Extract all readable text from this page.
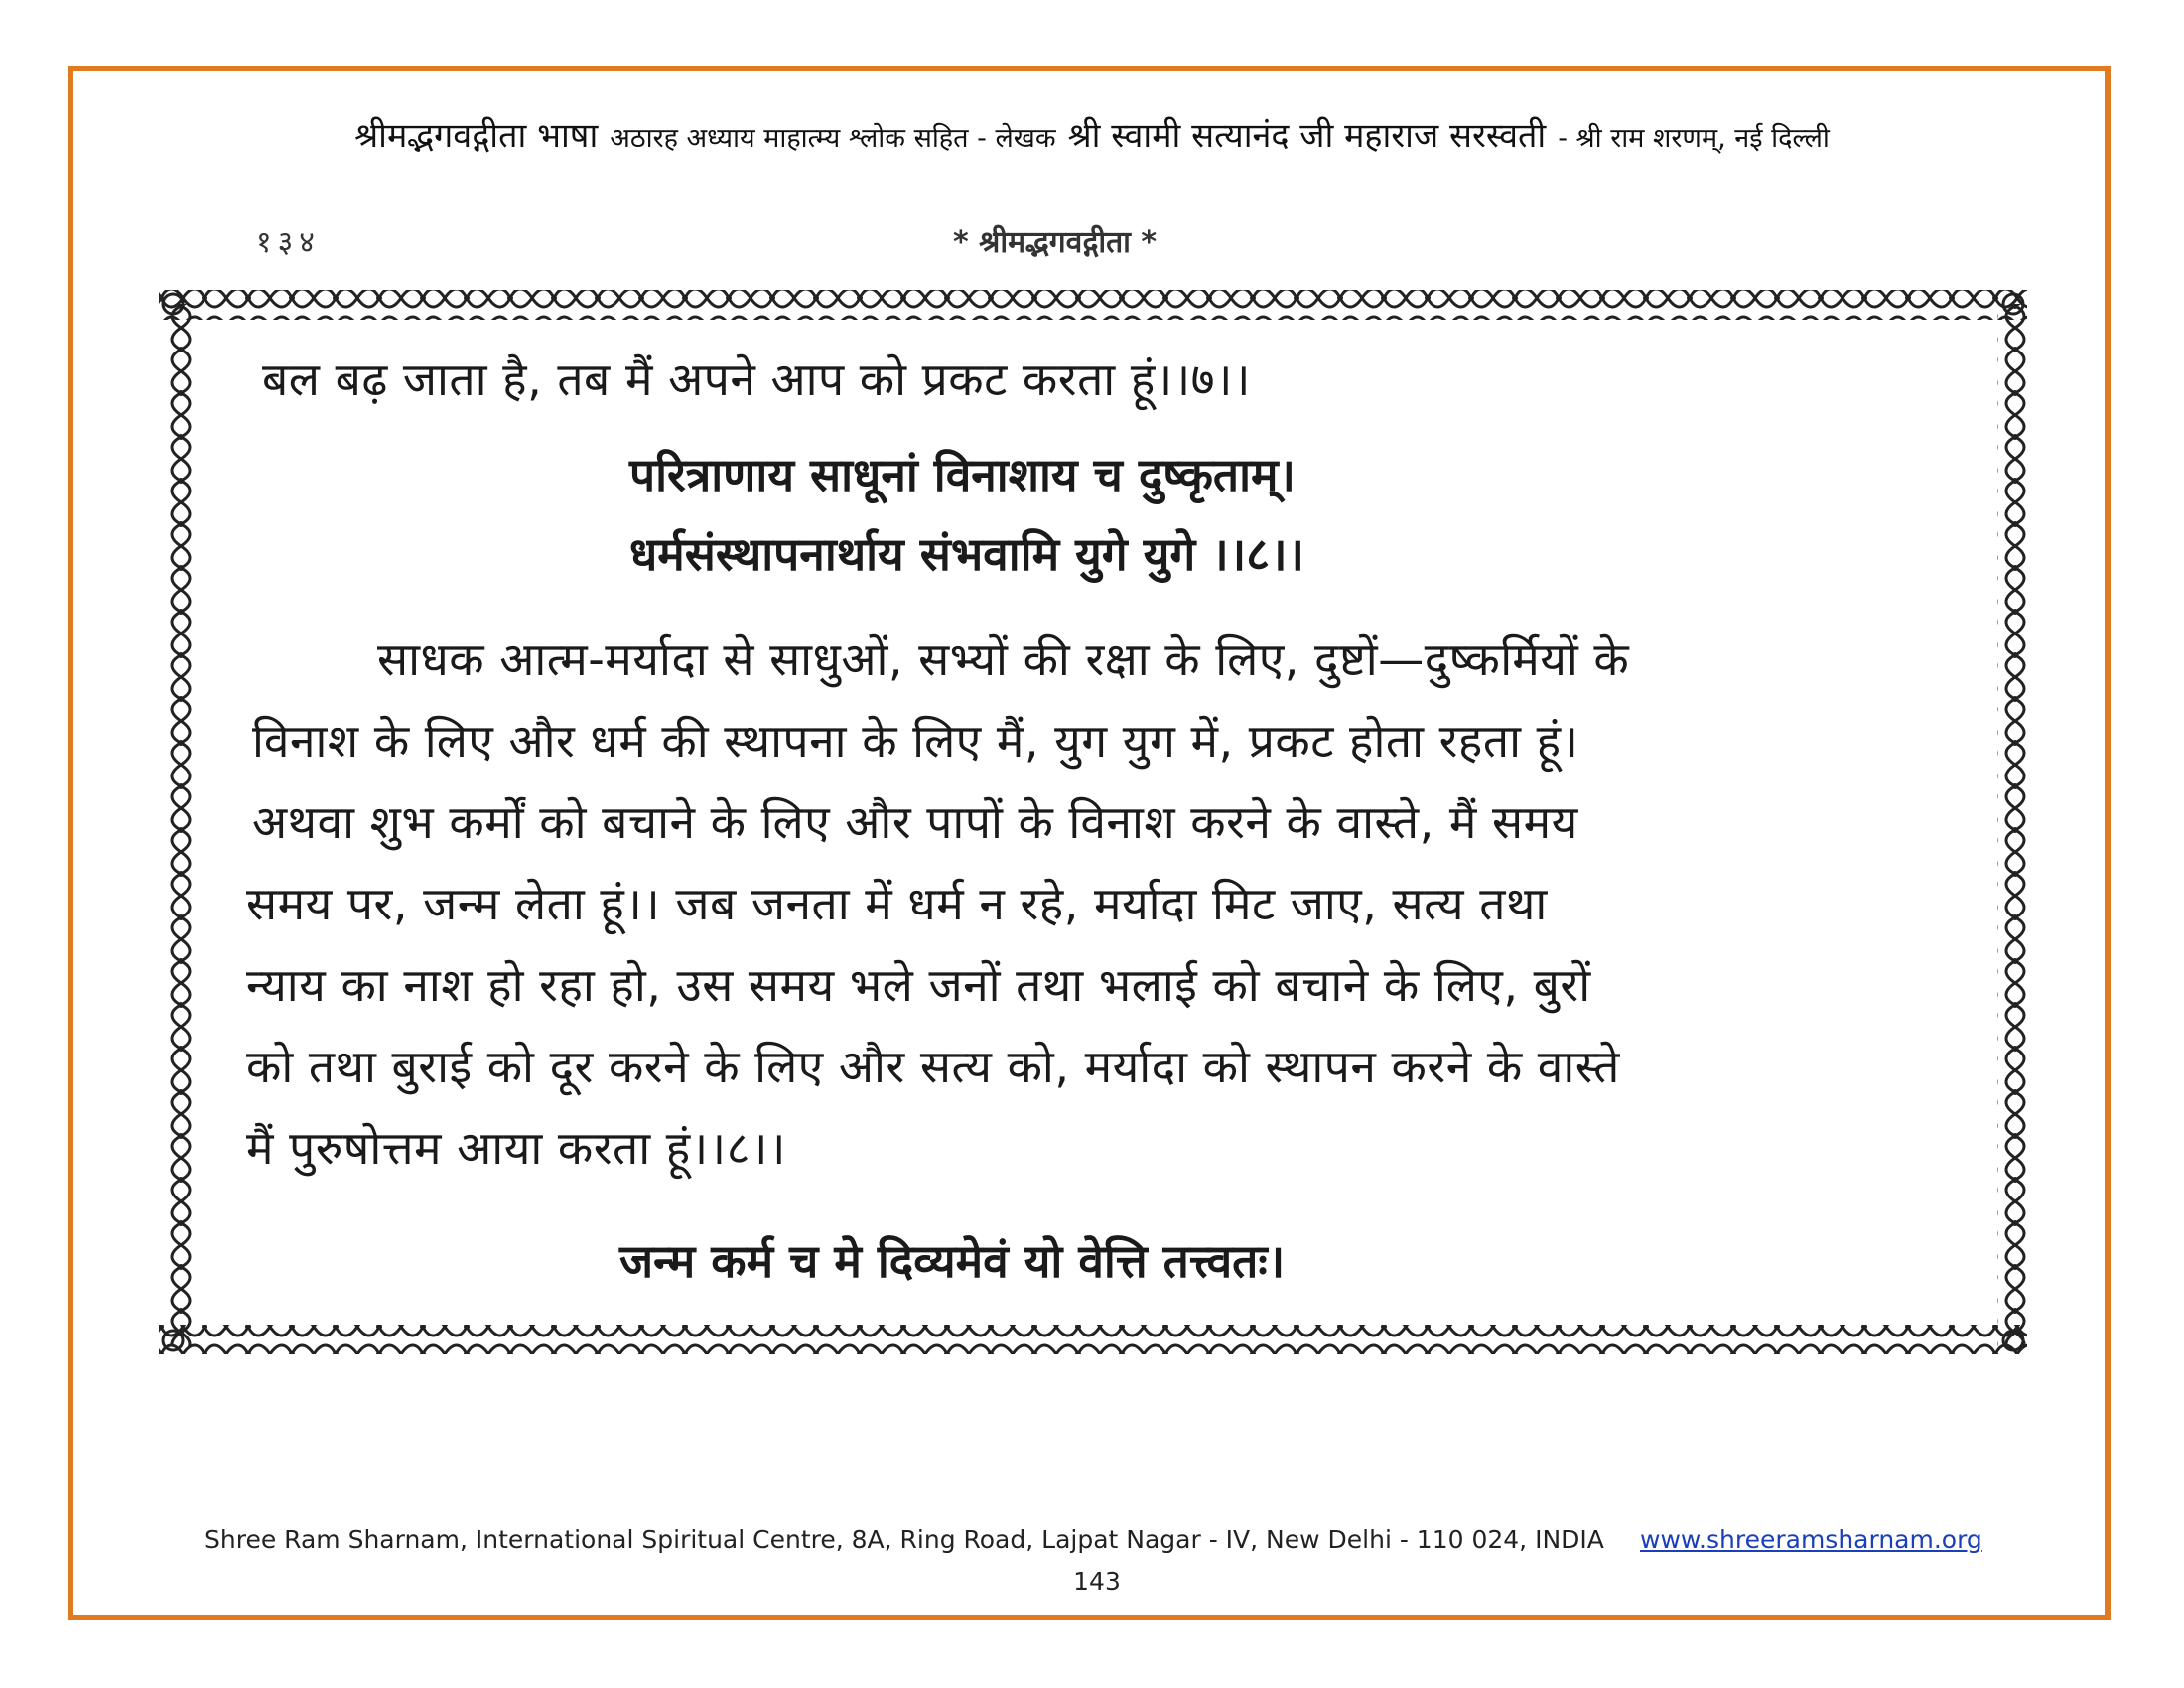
श्रीमद्भगवद्गीता भाषा अठारह अध्याय माहात्म्य श्लोक सहित - लेखक श्री स्वामी सत्यानंद जी महाराज सरस्वती - श्री राम शरणम्, नई दिल्ली
१३४	* श्रीमद्भगवद्गीता *
बल बढ़ जाता है, तब मैं अपने आप को प्रकट करता हूं।।७।।
परित्राणाय साधूनां विनाशाय च दुष्कृताम्।
धर्मसंस्थापनार्थाय संभवामि युगे युगे ।।८।।
साधक आत्म-मर्यादा से साधुओं, सभ्यों की रक्षा के लिए, दुष्टों—दुष्कर्मियों के
विनाश के लिए और धर्म की स्थापना के लिए मैं, युग युग में, प्रकट होता रहता हूं।
अथवा शुभ कर्मों को बचाने के लिए और पापों के विनाश करने के वास्ते, मैं समय
समय पर, जन्म लेता हूं।। जब जनता में धर्म न रहे, मर्यादा मिट जाए, सत्य तथा
न्याय का नाश हो रहा हो, उस समय भले जनों तथा भलाई को बचाने के लिए, बुरों
को तथा बुराई को दूर करने के लिए और सत्य को, मर्यादा को स्थापन करने के वास्ते
मैं पुरुषोत्तम आया करता हूं।।८।।
जन्म कर्म च मे दिव्यमेवं यो वेत्ति तत्त्वतः।
Shree Ram Sharnam, International Spiritual Centre, 8A, Ring Road, Lajpat Nagar - IV, New Delhi - 110 024, INDIA www.shreeramsharnam.org
143
